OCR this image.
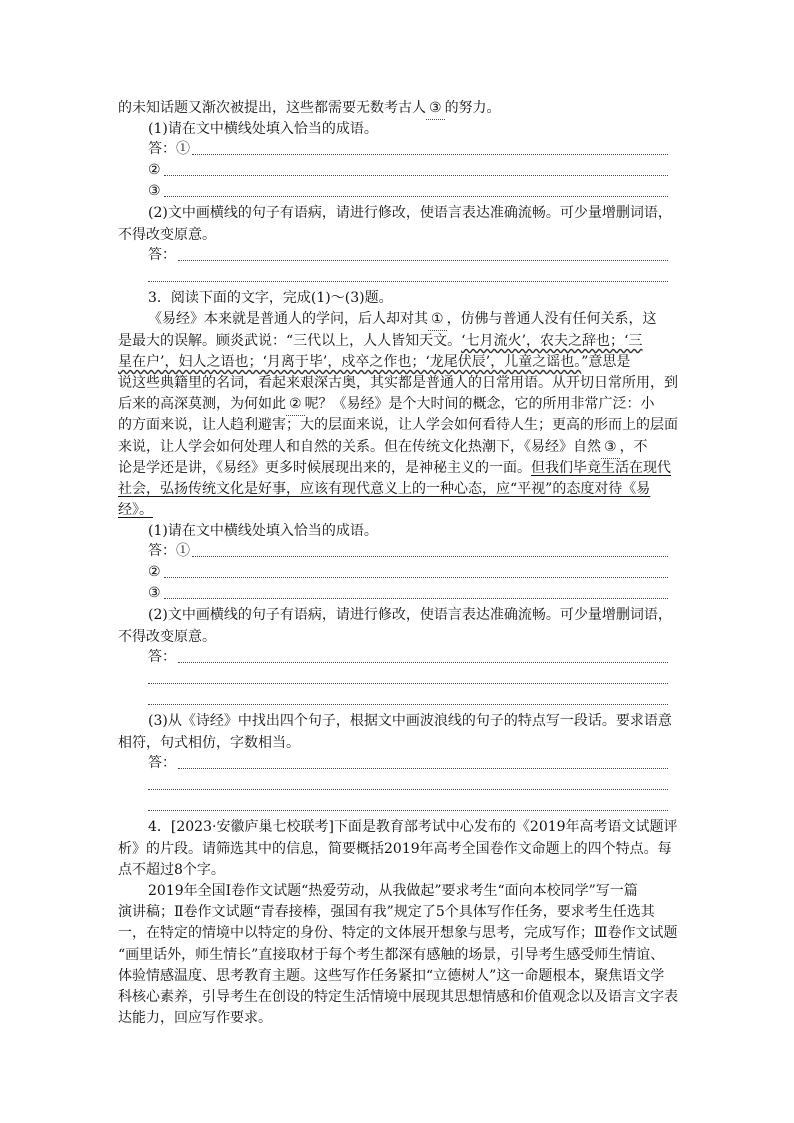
的未知话题又渐次被提出，这些都需要无数考古人 ③ 的努力。
(1)请在文中横线处填入恰当的成语。
答：①
②
③
(2)文中画横线的句子有语病，请进行修改，使语言表达准确流畅。可少量增删词语，
不得改变原意。
答：
3．阅读下面的文字，完成(1)～(3)题。
《易经》本来就是普通人的学问，后人却对其 ① ，仿佛与普通人没有任何关系，这
是最大的误解。顾炎武说：“三代以上，人人皆知天文。‘七月流火’，农夫之辞也；‘三
星在户’，妇人之语也；‘月离于毕’，戍卒之作也；‘龙尾伏辰’，儿童之谣也。”意思是
说这些典籍里的名词，看起来艰深古奥，其实都是普通人的日常用语。从开切日常所用，到
后来的高深莫测，为何如此 ② 呢？《易经》是个大时间的概念，它的所用非常广泛：小
的方面来说，让人趋利避害；大的层面来说，让人学会如何看待人生；更高的形而上的层面
来说，让人学会如何处理人和自然的关系。但在传统文化热潮下，《易经》自然 ③ ，不
论是学还是讲，《易经》更多时候展现出来的，是神秘主义的一面。但我们毕竟生活在现代
社会，弘扬传统文化是好事，应该有现代意义上的一种心态，应“平视”的态度对待《易
经》。
(1)请在文中横线处填入恰当的成语。
答：①
②
③
(2)文中画横线的句子有语病，请进行修改，使语言表达准确流畅。可少量增删词语，
不得改变原意。
答：
(3)从《诗经》中找出四个句子，根据文中画波浪线的句子的特点写一段话。要求语意
相符，句式相仿，字数相当。
答：
4．[2023·安徽庐巢七校联考]下面是教育部考试中心发布的《2019年高考语文试题评
析》的片段。请筛选其中的信息，简要概括2019年高考全国卷作文命题上的四个特点。每
点不超过8个字。
2019年全国Ⅰ卷作文试题“热爱劳动，从我做起”要求考生“面向本校同学”写一篇
演讲稿；Ⅱ卷作文试题“青春接棒，强国有我”规定了5个具体写作任务，要求考生任选其
一，在特定的情境中以特定的身份、特定的文体展开想象与思考，完成写作；Ⅲ卷作文试题
“画里话外，师生情长”直接取材于每个考生都深有感触的场景，引导考生感受师生情谊、
体验情感温度、思考教育主题。这些写作任务紧扣“立德树人”这一命题根本，聚焦语文学
科核心素养，引导考生在创设的特定生活情境中展现其思想情感和价值观念以及语言文字表
达能力，回应写作要求。
